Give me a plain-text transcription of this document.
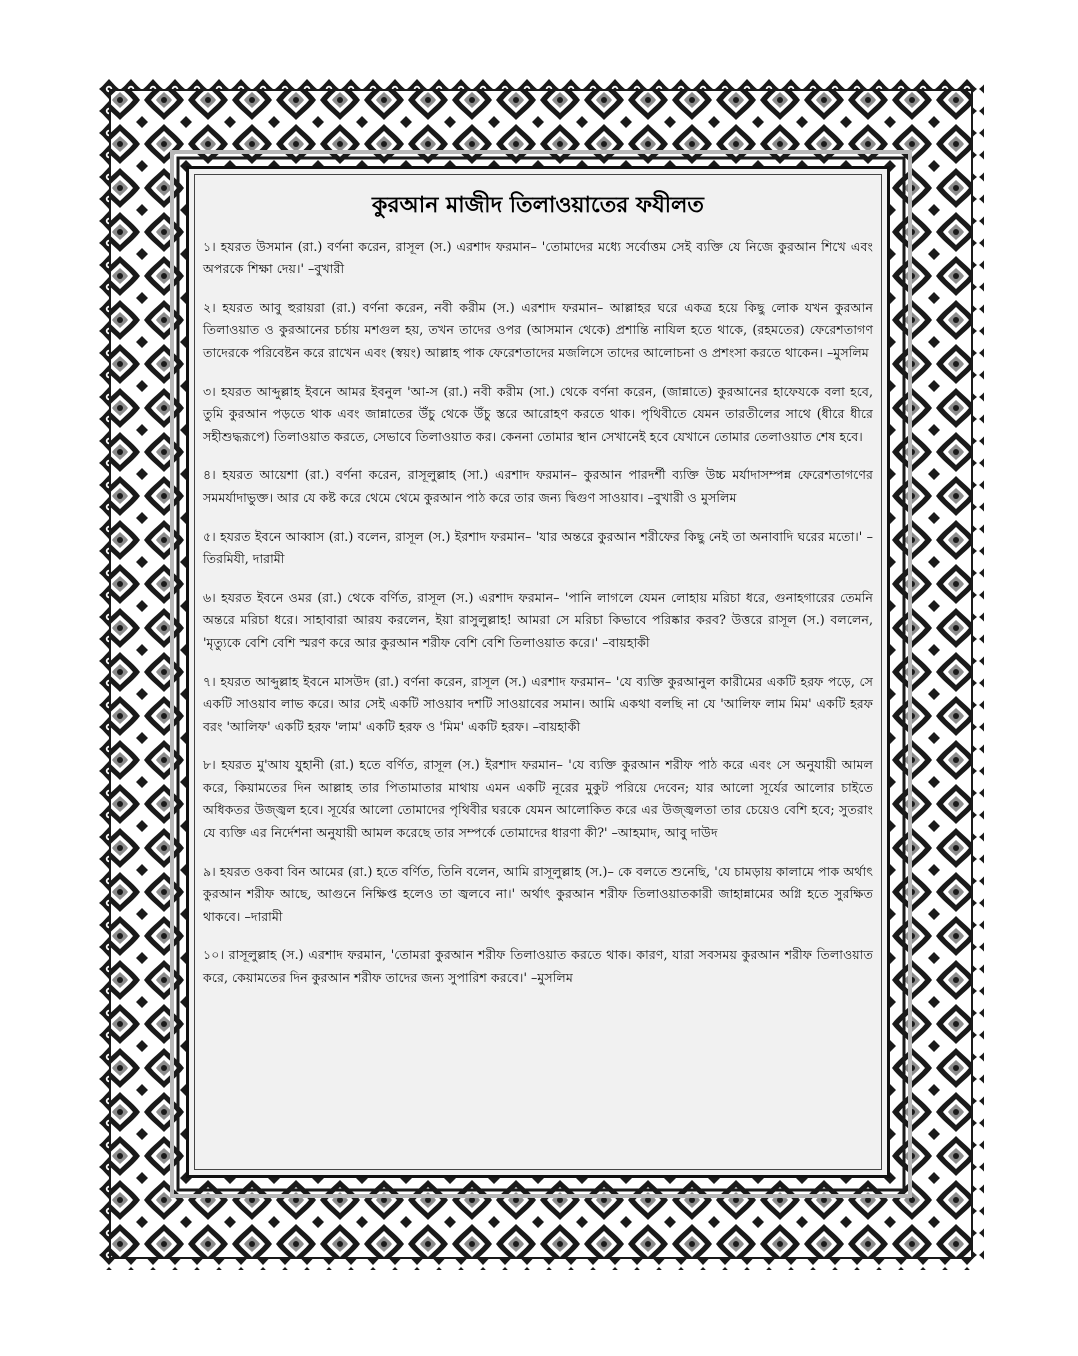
কুরআন মাজীদ তিলাওয়াতের ফযীলত

১। হযরত উসমান (রা.) বর্ণনা করেন, রাসূল (স.) এরশাদ ফরমান– 'তোমাদের মধ্যে সর্বোত্তম সেই ব্যক্তি যে নিজে কুরআন শিখে এবং অপরকে শিক্ষা দেয়।' –বুখারী

২। হযরত আবু হুরায়রা (রা.) বর্ণনা করেন, নবী করীম (স.) এরশাদ ফরমান– আল্লাহর ঘরে একত্র হয়ে কিছু লোক যখন কুরআন তিলাওয়াত ও কুরআনের চর্চায় মশগুল হয়, তখন তাদের ওপর (আসমান থেকে) প্রশান্তি নাযিল হতে থাকে, (রহমতের) ফেরেশতাগণ তাদেরকে পরিবেষ্টন করে রাখেন এবং (স্বয়ং) আল্লাহ পাক ফেরেশতাদের মজলিসে তাদের আলোচনা ও প্রশংসা করতে থাকেন। –মুসলিম

৩। হযরত আব্দুল্লাহ ইবনে আমর ইবনুল 'আ-স (রা.) নবী করীম (সা.) থেকে বর্ণনা করেন, (জান্নাতে) কুরআনের হাফেযকে বলা হবে, তুমি কুরআন পড়তে থাক এবং জান্নাতের উঁচু থেকে উঁচু স্তরে আরোহণ করতে থাক। পৃথিবীতে যেমন তারতীলের সাথে (ধীরে ধীরে সহীশুদ্ধরূপে) তিলাওয়াত করতে, সেভাবে তিলাওয়াত কর। কেননা তোমার স্থান সেখানেই হবে যেখানে তোমার তেলাওয়াত শেষ হবে।

৪। হযরত আয়েশা (রা.) বর্ণনা করেন, রাসূলুল্লাহ (সা.) এরশাদ ফরমান– কুরআন পারদর্শী ব্যক্তি উচ্চ মর্যাদাসম্পন্ন ফেরেশতাগণের সমমর্যাদাভুক্ত। আর যে কষ্ট করে থেমে থেমে কুরআন পাঠ করে তার জন্য দ্বিগুণ সাওয়াব। –বুখারী ও মুসলিম

৫। হযরত ইবনে আব্বাস (রা.) বলেন, রাসূল (স.) ইরশাদ ফরমান– 'যার অন্তরে কুরআন শরীফের কিছু নেই তা অনাবাদি ঘরের মতো।' –তিরমিযী, দারামী

৬। হযরত ইবনে ওমর (রা.) থেকে বর্ণিত, রাসূল (স.) এরশাদ ফরমান– 'পানি লাগলে যেমন লোহায় মরিচা ধরে, গুনাহগারের তেমনি অন্তরে মরিচা ধরে। সাহাবারা আরয করলেন, ইয়া রাসুলুল্লাহ! আমরা সে মরিচা কিভাবে পরিষ্কার করব? উত্তরে রাসূল (স.) বললেন, 'মৃত্যুকে বেশি বেশি স্মরণ করে আর কুরআন শরীফ বেশি বেশি তিলাওয়াত করে।' –বায়হাকী

৭। হযরত আব্দুল্লাহ ইবনে মাসউদ (রা.) বর্ণনা করেন, রাসূল (স.) এরশাদ ফরমান– 'যে ব্যক্তি কুরআনুল কারীমের একটি হরফ পড়ে, সে একটি সাওয়াব লাভ করে। আর সেই একটি সাওয়াব দশটি সাওয়াবের সমান। আমি একথা বলছি না যে 'আলিফ লাম মিম' একটি হরফ বরং 'আলিফ' একটি হরফ 'লাম' একটি হরফ ও 'মিম' একটি হরফ। –বায়হাকী

৮। হযরত মু'আয যুহানী (রা.) হতে বর্ণিত, রাসূল (স.) ইরশাদ ফরমান– 'যে ব্যক্তি কুরআন শরীফ পাঠ করে এবং সে অনুযায়ী আমল করে, কিয়ামতের দিন আল্লাহ তার পিতামাতার মাথায় এমন একটি নূরের মুকুট পরিয়ে দেবেন; যার আলো সূর্যের আলোর চাইতে অধিকতর উজ্জ্বল হবে। সূর্যের আলো তোমাদের পৃথিবীর ঘরকে যেমন আলোকিত করে এর উজ্জ্বলতা তার চেয়েও বেশি হবে; সুতরাং যে ব্যক্তি এর নির্দেশনা অনুযায়ী আমল করেছে তার সম্পর্কে তোমাদের ধারণা কী?' –আহমাদ, আবু দাউদ

৯। হযরত ওকবা বিন আমের (রা.) হতে বর্ণিত, তিনি বলেন, আমি রাসূলুল্লাহ (স.)– কে বলতে শুনেছি, 'যে চামড়ায় কালামে পাক অর্থাৎ কুরআন শরীফ আছে, আগুনে নিক্ষিপ্ত হলেও তা জ্বলবে না।' অর্থাৎ কুরআন শরীফ তিলাওয়াতকারী জাহান্নামের অগ্নি হতে সুরক্ষিত থাকবে। –দারামী

১০। রাসূলুল্লাহ (স.) এরশাদ ফরমান, 'তোমরা কুরআন শরীফ তিলাওয়াত করতে থাক। কারণ, যারা সবসময় কুরআন শরীফ তিলাওয়াত করে, কেয়ামতের দিন কুরআন শরীফ তাদের জন্য সুপারিশ করবে।' –মুসলিম
